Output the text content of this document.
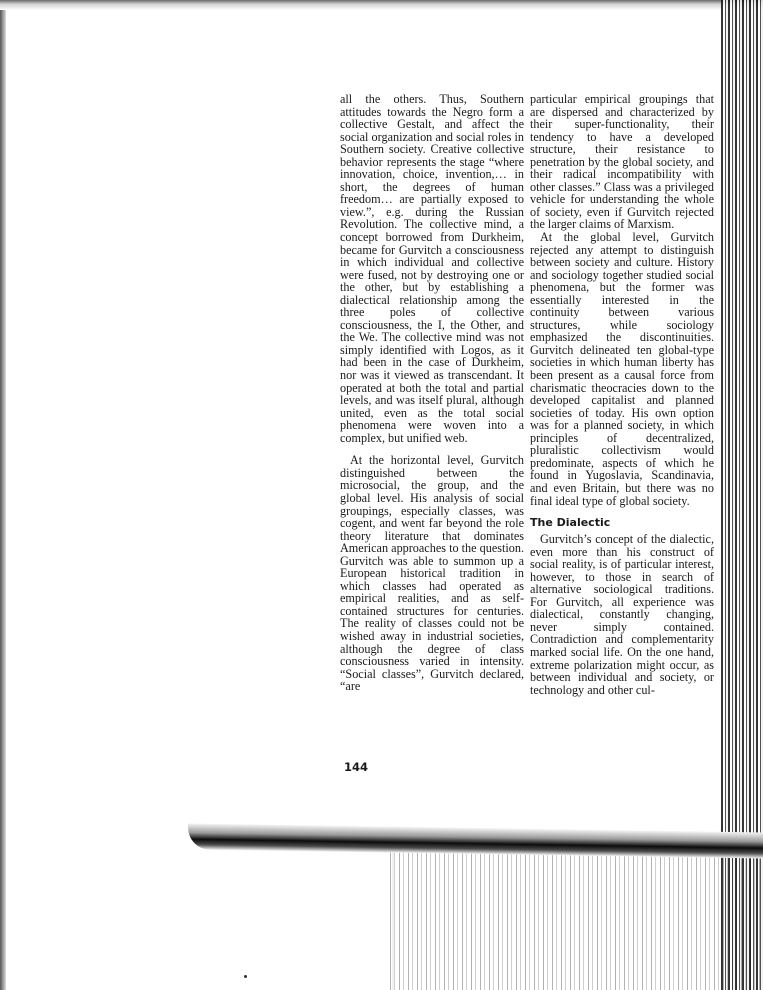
all the others. Thus, Southern attitudes towards the Negro form a collective Gestalt, and affect the social organization and social roles in Southern society. Creative collective behavior represents the stage “where innovation, choice, invention,… in short, the degrees of human freedom… are partially exposed to view.”, e.g. during the Russian Revolution. The collective mind, a concept borrowed from Durkheim, became for Gurvitch a consciousness in which individual and collective were fused, not by destroying one or the other, but by establishing a dialectical relationship among the three poles of collective consciousness, the I, the Other, and the We. The collective mind was not simply identified with Logos, as it had been in the case of Durkheim, nor was it viewed as transcendant. It operated at both the total and partial levels, and was itself plural, although united, even as the total social phenomena were woven into a complex, but unified web.

At the horizontal level, Gurvitch distinguished between the microsocial, the group, and the global level. His analysis of social groupings, especially classes, was cogent, and went far beyond the role theory literature that dominates American approaches to the question. Gurvitch was able to summon up a European historical tradition in which classes had operated as empirical realities, and as self-contained structures for centuries. The reality of classes could not be wished away in industrial societies, although the degree of class consciousness varied in intensity. “Social classes”, Gurvitch declared, “are

particular empirical groupings that are dispersed and characterized by their super-functionality, their tendency to have a developed structure, their resistance to penetration by the global society, and their radical incompatibility with other classes.” Class was a privileged vehicle for understanding the whole of society, even if Gurvitch rejected the larger claims of Marxism.

At the global level, Gurvitch rejected any attempt to distinguish between society and culture. History and sociology together studied social phenomena, but the former was essentially interested in the continuity between various structures, while sociology emphasized the discontinuities. Gurvitch delineated ten global-type societies in which human liberty has been present as a causal force from charismatic theocracies down to the developed capitalist and planned societies of today. His own option was for a planned society, in which principles of decentralized, pluralistic collectivism would predominate, aspects of which he found in Yugoslavia, Scandinavia, and even Britain, but there was no final ideal type of global society.

The Dialectic

Gurvitch’s concept of the dialectic, even more than his construct of social reality, is of particular interest, however, to those in search of alternative sociological traditions. For Gurvitch, all experience was dialectical, constantly changing, never simply contained. Contradiction and complementarity marked social life. On the one hand, extreme polarization might occur, as between individual and society, or technology and other cul-

144
